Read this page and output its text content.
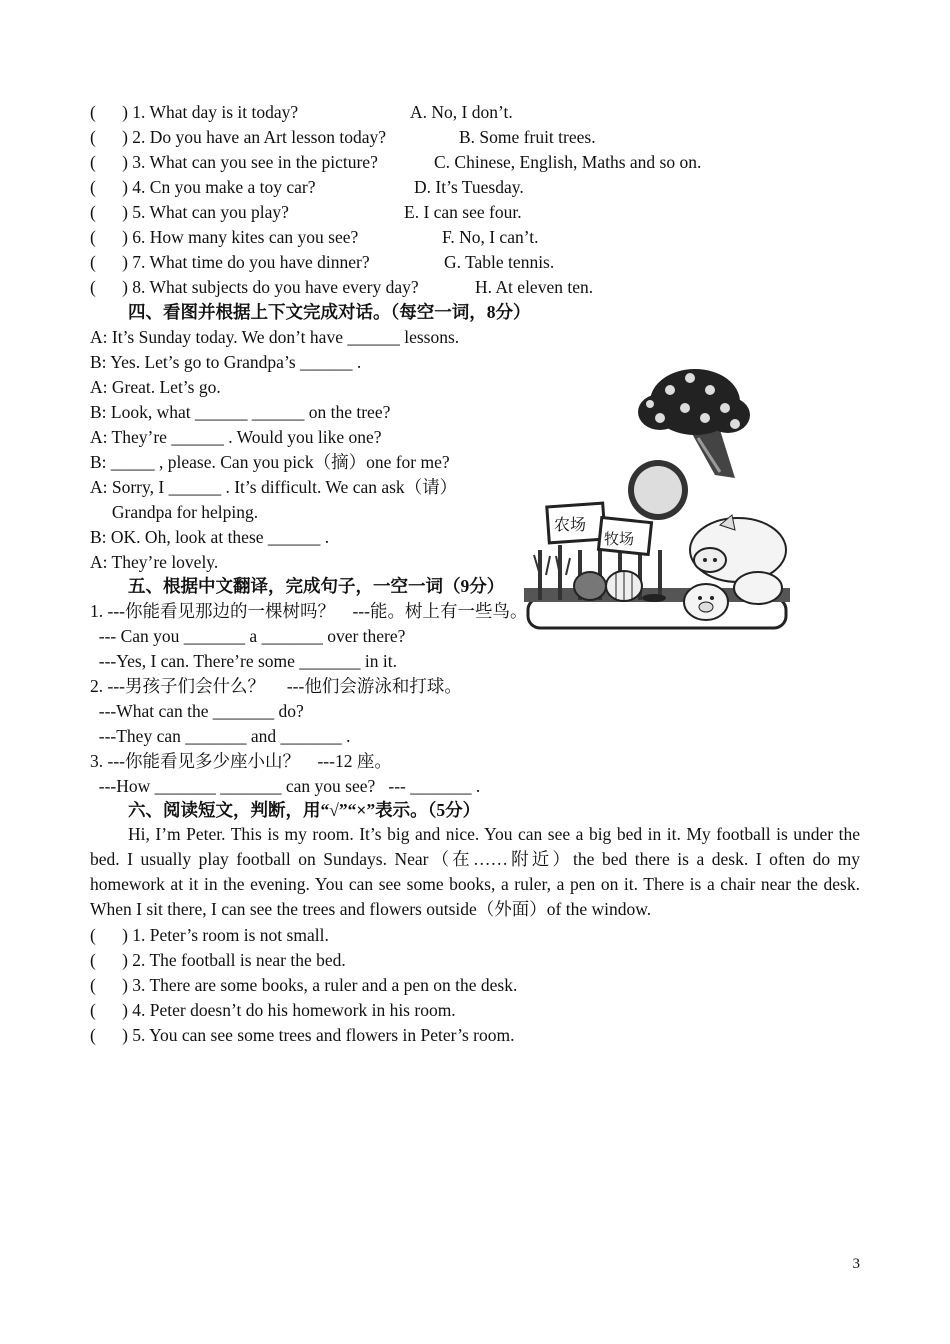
(      ) 1. What day is it today?	A. No, I don’t.
(      ) 2. Do you have an Art lesson today?	B. Some fruit trees.
(      ) 3. What can you see in the picture?	C. Chinese, English, Maths and so on.
(      ) 4. Cn you make a toy car?	D. It’s Tuesday.
(      ) 5. What can you play?	E. I can see four.
(      ) 6. How many kites can you see?	F. No, I can’t.
(      ) 7. What time do you have dinner?	G. Table tennis.
(      ) 8. What subjects do you have every day?	H. At eleven ten.
四、看图并根据上下文完成对话。（每空一词，8分）
A: It’s Sunday today. We don’t have ______ lessons.
B: Yes. Let’s go to Grandpa’s ______ .
A: Great. Let’s go.
B: Look, what ______ ______ on the tree?
A: They’re ______ . Would you like one?
B: _____ , please. Can you pick（摘）one for me?
A: Sorry, I ______ . It’s difficult. We can ask（请）
Grandpa for helping.
B: OK. Oh, look at these ______ .
A: They’re lovely.
农场
牧场
五、根据中文翻译，完成句子，一空一词（9分）
1. ---你能看见那边的一棵树吗？    ---能。树上有一些鸟。
--- Can you _______ a _______ over there?
---Yes, I can. There’re some _______ in it.
2. ---男孩子们会什么？     ---他们会游泳和打球。
---What can the _______ do?
---They can _______ and _______ .
3. ---你能看见多少座小山？    ---12 座。
---How _______ _______ can you see?   --- _______ .
六、阅读短文，判断，用“√”“×”表示。（5分）
Hi, I’m Peter. This is my room. It’s big and nice. You can see a big bed in it. My football is under the bed. I usually play football on Sundays. Near（在……附近）the bed there is a desk. I often do my homework at it in the evening. You can see some books, a ruler, a pen on it. There is a chair near the desk. When I sit there, I can see the trees and flowers outside（外面）of the window.
(      ) 1. Peter’s room is not small.
(      ) 2. The football is near the bed.
(      ) 3. There are some books, a ruler and a pen on the desk.
(      ) 4. Peter doesn’t do his homework in his room.
(      ) 5. You can see some trees and flowers in Peter’s room.
3
